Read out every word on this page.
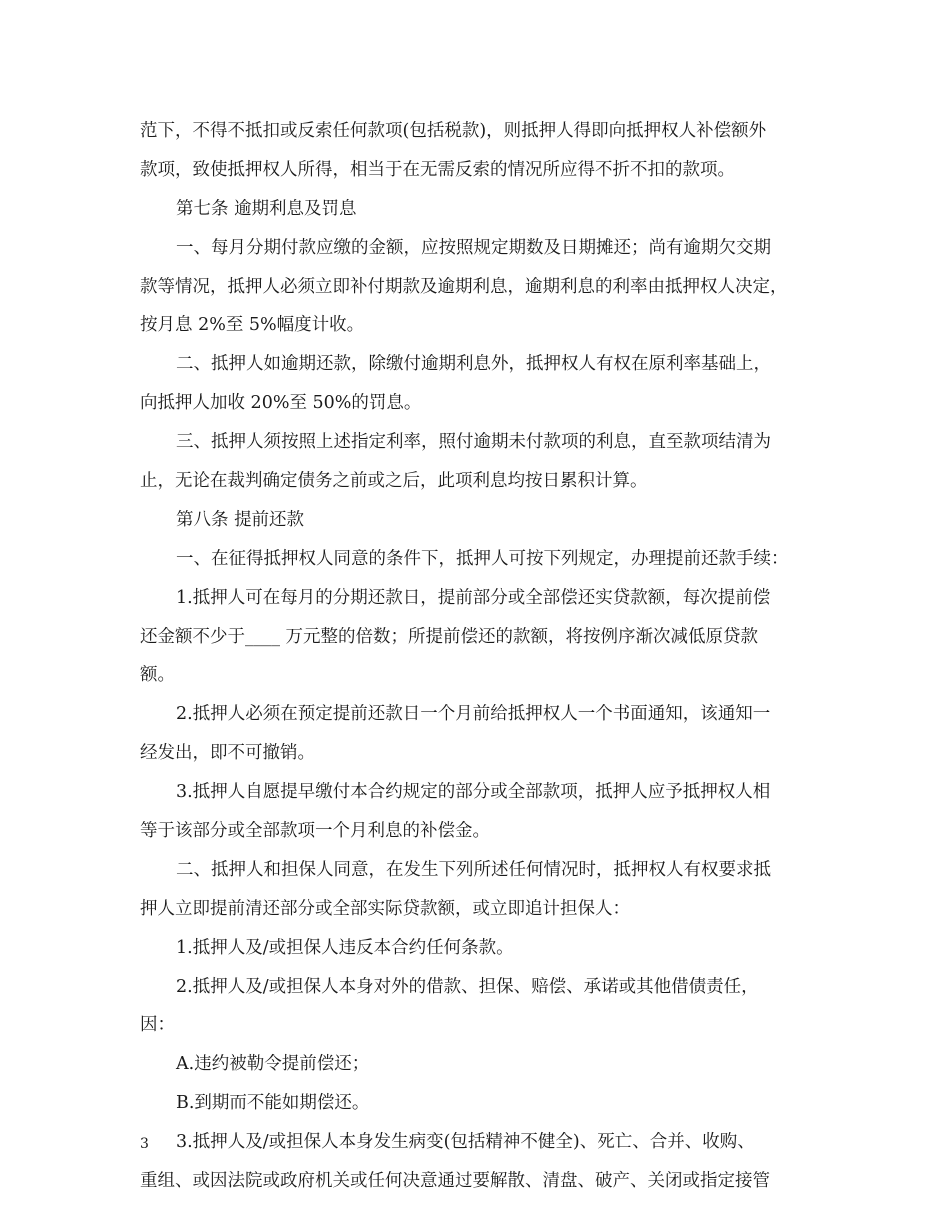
范下，不得不抵扣或反索任何款项(包括税款)，则抵押人得即向抵押权人补偿额外
款项，致使抵押权人所得，相当于在无需反索的情况所应得不折不扣的款项。
第七条 逾期利息及罚息
一、每月分期付款应缴的金额，应按照规定期数及日期摊还；尚有逾期欠交期
款等情况，抵押人必须立即补付期款及逾期利息，逾期利息的利率由抵押权人决定，
按月息 2%至 5%幅度计收。
二、抵押人如逾期还款，除缴付逾期利息外，抵押权人有权在原利率基础上，
向抵押人加收 20%至 50%的罚息。
三、抵押人须按照上述指定利率，照付逾期未付款项的利息，直至款项结清为
止，无论在裁判确定债务之前或之后，此项利息均按日累积计算。
第八条 提前还款
一、在征得抵押权人同意的条件下，抵押人可按下列规定，办理提前还款手续：
1.抵押人可在每月的分期还款日，提前部分或全部偿还实贷款额，每次提前偿
还金额不少于____ 万元整的倍数；所提前偿还的款额，将按例序渐次减低原贷款
额。
2.抵押人必须在预定提前还款日一个月前给抵押权人一个书面通知，该通知一
经发出，即不可撤销。
3.抵押人自愿提早缴付本合约规定的部分或全部款项，抵押人应予抵押权人相
等于该部分或全部款项一个月利息的补偿金。
二、抵押人和担保人同意，在发生下列所述任何情况时，抵押权人有权要求抵
押人立即提前清还部分或全部实际贷款额，或立即追计担保人：
1.抵押人及/或担保人违反本合约任何条款。
2.抵押人及/或担保人本身对外的借款、担保、赔偿、承诺或其他借债责任，
因：
A.违约被勒令提前偿还；
B.到期而不能如期偿还。
3.抵押人及/或担保人本身发生病变(包括精神不健全)、死亡、合并、收购、
重组、或因法院或政府机关或任何决意通过要解散、清盘、破产、关闭或指定接管
3
